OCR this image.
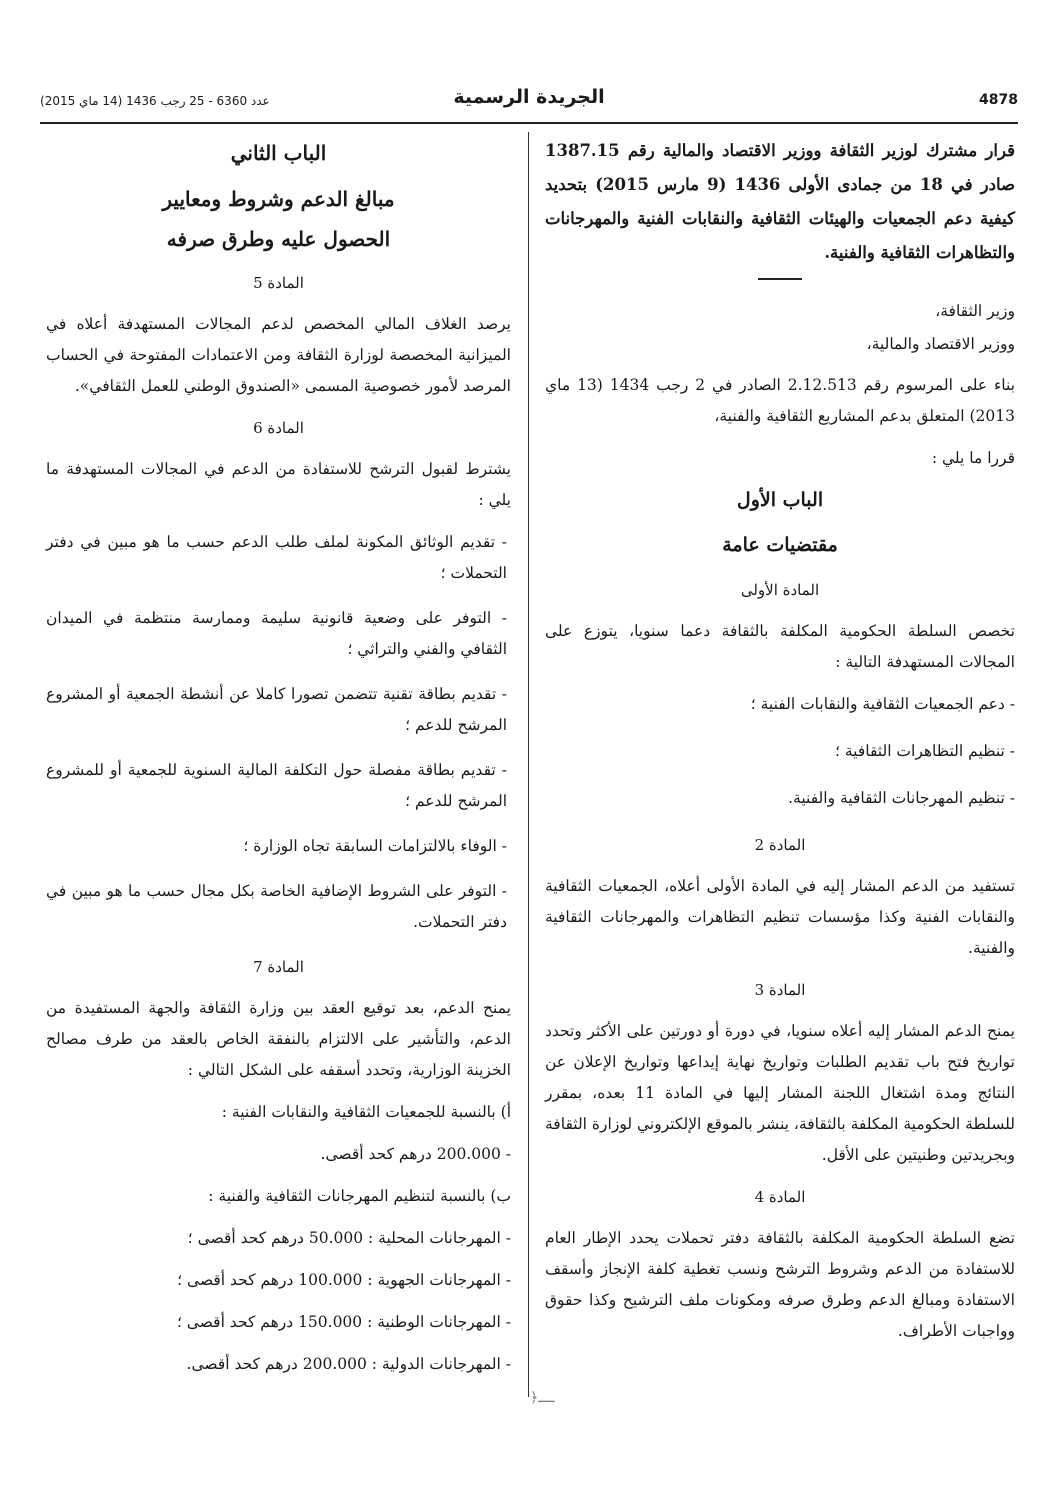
4878
الجريدة الرسمية
عدد 6360 - 25 رجب 1436 (14 ماي 2015)

قرار مشترك لوزير الثقافة ووزير الاقتصاد والمالية رقم 1387.15 صادر في 18 من جمادى الأولى 1436 (9 مارس 2015) بتحديد كيفية دعم الجمعيات والهيئات الثقافية والنقابات الفنية والمهرجانات والتظاهرات الثقافية والفنية.

وزير الثقافة،

ووزير الاقتصاد والمالية،

بناء على المرسوم رقم 2.12.513 الصادر في 2 رجب 1434 (13 ماي 2013) المتعلق بدعم المشاريع الثقافية والفنية،

قررا ما يلي :

الباب الأول

مقتضيات عامة

المادة الأولى

تخصص السلطة الحكومية المكلفة بالثقافة دعما سنويا، يتوزع على المجالات المستهدفة التالية :

- دعم الجمعيات الثقافية والنقابات الفنية ؛

- تنظيم التظاهرات الثقافية ؛

- تنظيم المهرجانات الثقافية والفنية.

المادة 2

تستفيد من الدعم المشار إليه في المادة الأولى أعلاه، الجمعيات الثقافية والنقابات الفنية وكذا مؤسسات تنظيم التظاهرات والمهرجانات الثقافية والفنية.

المادة 3

يمنح الدعم المشار إليه أعلاه سنويا، في دورة أو دورتين على الأكثر وتحدد تواريخ فتح باب تقديم الطلبات وتواريخ نهاية إيداعها وتواريخ الإعلان عن النتائج ومدة اشتغال اللجنة المشار إليها في المادة 11 بعده، بمقرر للسلطة الحكومية المكلفة بالثقافة، ينشر بالموقع الإلكتروني لوزارة الثقافة وبجريدتين وطنيتين على الأقل.

المادة 4

تضع السلطة الحكومية المكلفة بالثقافة دفتر تحملات يحدد الإطار العام للاستفادة من الدعم وشروط الترشح ونسب تغطية كلفة الإنجاز وأسقف الاستفادة ومبالغ الدعم وطرق صرفه ومكونات ملف الترشيح وكذا حقوق وواجبات الأطراف.

الباب الثاني

مبالغ الدعم وشروط ومعايير

الحصول عليه وطرق صرفه

المادة 5

يرصد الغلاف المالي المخصص لدعم المجالات المستهدفة أعلاه في الميزانية المخصصة لوزارة الثقافة ومن الاعتمادات المفتوحة في الحساب المرصد لأمور خصوصية المسمى «الصندوق الوطني للعمل الثقافي».

المادة 6

يشترط لقبول الترشح للاستفادة من الدعم في المجالات المستهدفة ما يلي :

- تقديم الوثائق المكونة لملف طلب الدعم حسب ما هو مبين في دفتر التحملات ؛

- التوفر على وضعية قانونية سليمة وممارسة منتظمة في الميدان الثقافي والفني والتراثي ؛

- تقديم بطاقة تقنية تتضمن تصورا كاملا عن أنشطة الجمعية أو المشروع المرشح للدعم ؛

- تقديم بطاقة مفصلة حول التكلفة المالية السنوية للجمعية أو للمشروع المرشح للدعم ؛

- الوفاء بالالتزامات السابقة تجاه الوزارة ؛

- التوفر على الشروط الإضافية الخاصة بكل مجال حسب ما هو مبين في دفتر التحملات.

المادة 7

يمنح الدعم، بعد توقيع العقد بين وزارة الثقافة والجهة المستفيدة من الدعم، والتأشير على الالتزام بالنفقة الخاص بالعقد من طرف مصالح الخزينة الوزارية، وتحدد أسقفه على الشكل التالي :

أ) بالنسبة للجمعيات الثقافية والنقابات الفنية :

- 200.000 درهم كحد أقصى.

ب) بالنسبة لتنظيم المهرجانات الثقافية والفنية :

- المهرجانات المحلية : 50.000 درهم كحد أقصى ؛

- المهرجانات الجهوية : 100.000 درهم كحد أقصى ؛

- المهرجانات الوطنية : 150.000 درهم كحد أقصى ؛

- المهرجانات الدولية : 200.000 درهم كحد أقصى.

﴿ــــ
